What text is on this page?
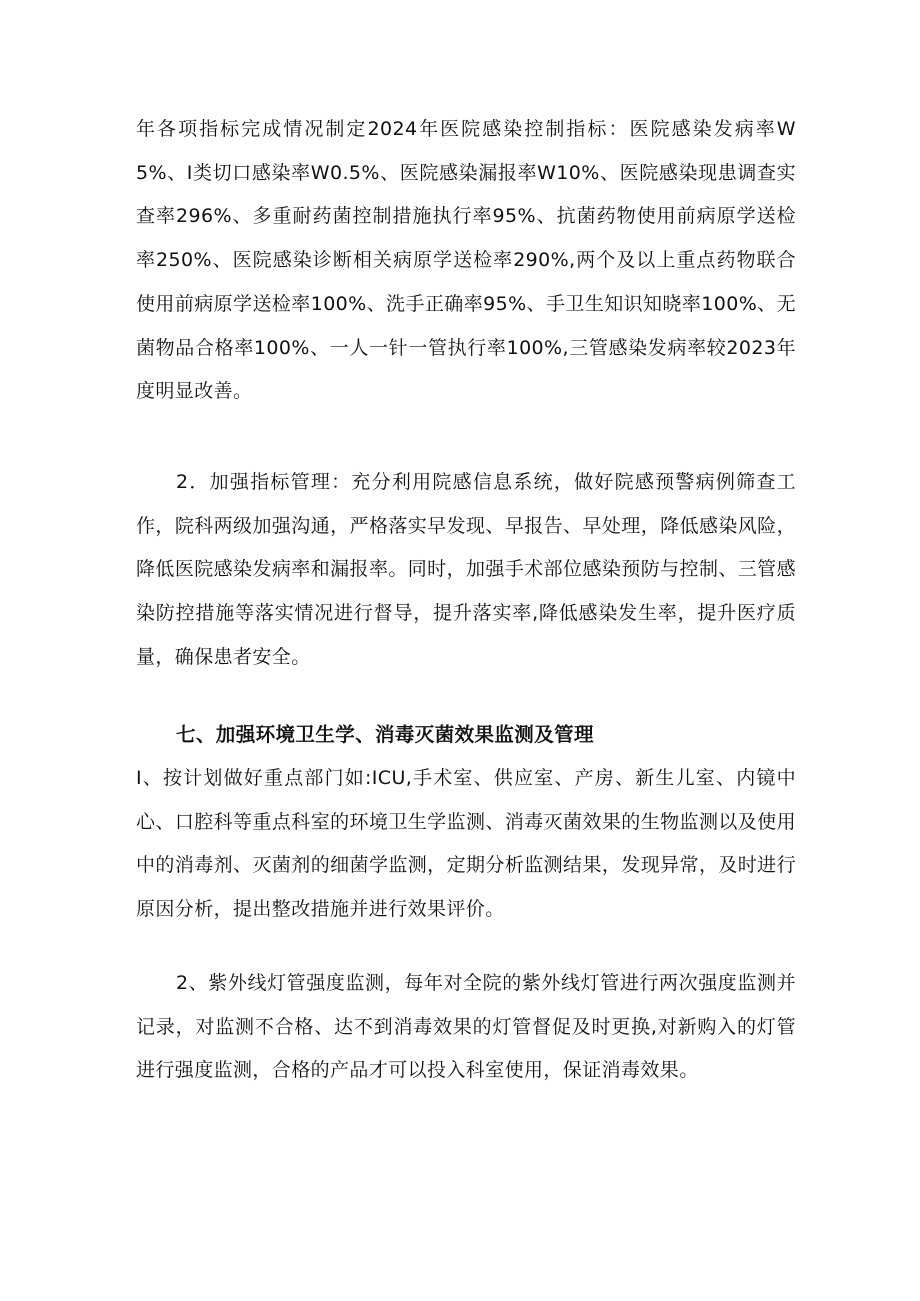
年各项指标完成情况制定2024年医院感染控制指标：医院感染发病率W5%、I类切口感染率W0.5%、医院感染漏报率W10%、医院感染现患调查实查率296%、多重耐药菌控制措施执行率95%、抗菌药物使用前病原学送检率250%、医院感染诊断相关病原学送检率290%,两个及以上重点药物联合使用前病原学送检率100%、洗手正确率95%、手卫生知识知晓率100%、无菌物品合格率100%、一人一针一管执行率100%,三管感染发病率较2023年度明显改善。

2．加强指标管理：充分利用院感信息系统，做好院感预警病例筛查工作，院科两级加强沟通，严格落实早发现、早报告、早处理，降低感染风险，降低医院感染发病率和漏报率。同时，加强手术部位感染预防与控制、三管感染防控措施等落实情况进行督导，提升落实率,降低感染发生率，提升医疗质量，确保患者安全。

七、加强环境卫生学、消毒灭菌效果监测及管理

I、按计划做好重点部门如:ICU,手术室、供应室、产房、新生儿室、内镜中心、口腔科等重点科室的环境卫生学监测、消毒灭菌效果的生物监测以及使用中的消毒剂、灭菌剂的细菌学监测，定期分析监测结果，发现异常，及时进行原因分析，提出整改措施并进行效果评价。

2、紫外线灯管强度监测，每年对全院的紫外线灯管进行两次强度监测并记录，对监测不合格、达不到消毒效果的灯管督促及时更换,对新购入的灯管进行强度监测，合格的产品才可以投入科室使用，保证消毒效果。
